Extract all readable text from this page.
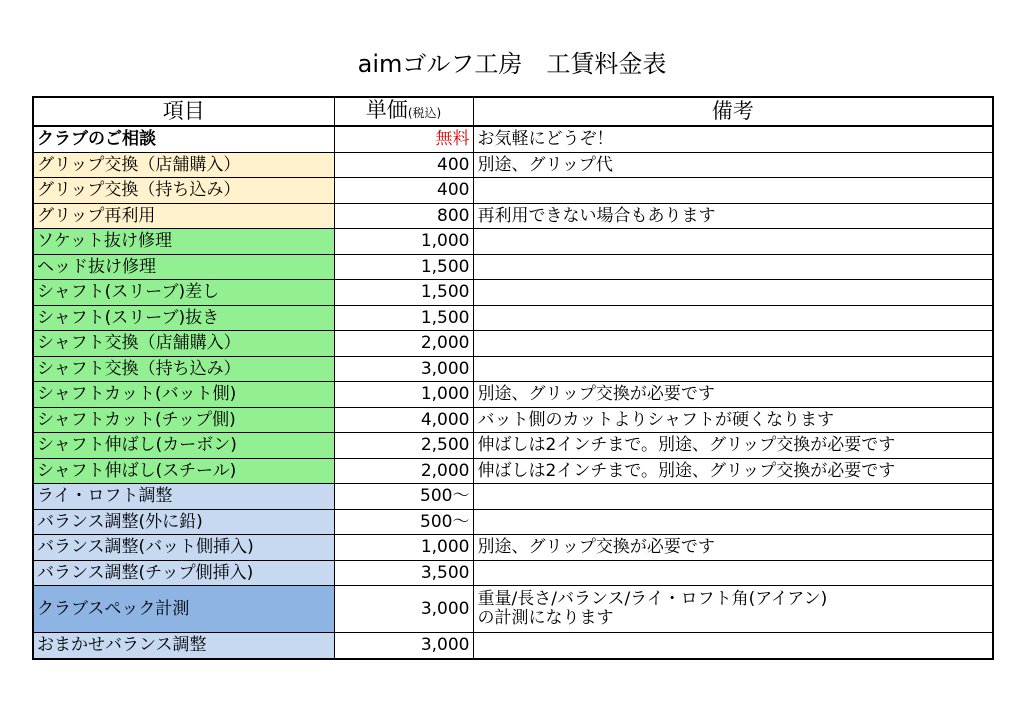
aimゴルフ工房　工賃料金表
項目	単価(税込)	備考
クラブのご相談	無料	お気軽にどうぞ！
グリップ交換（店舗購入）	400	別途、グリップ代
グリップ交換（持ち込み）	400	
グリップ再利用	800	再利用できない場合もあります
ソケット抜け修理	1,000	
ヘッド抜け修理	1,500	
シャフト(スリーブ)差し	1,500	
シャフト(スリーブ)抜き	1,500	
シャフト交換（店舗購入）	2,000	
シャフト交換（持ち込み）	3,000	
シャフトカット(バット側)	1,000	別途、グリップ交換が必要です
シャフトカット(チップ側)	4,000	バット側のカットよりシャフトが硬くなります
シャフト伸ばし(カーボン)	2,500	伸ばしは2インチまで。別途、グリップ交換が必要です
シャフト伸ばし(スチール)	2,000	伸ばしは2インチまで。別途、グリップ交換が必要です
ライ・ロフト調整	500～	
バランス調整(外に鉛)	500～	
バランス調整(バット側挿入)	1,000	別途、グリップ交換が必要です
バランス調整(チップ側挿入)	3,500	
クラブスペック計測	3,000	重量/長さ/バランス/ライ・ロフト角(アイアン)
の計測になります
おまかせバランス調整	3,000	
